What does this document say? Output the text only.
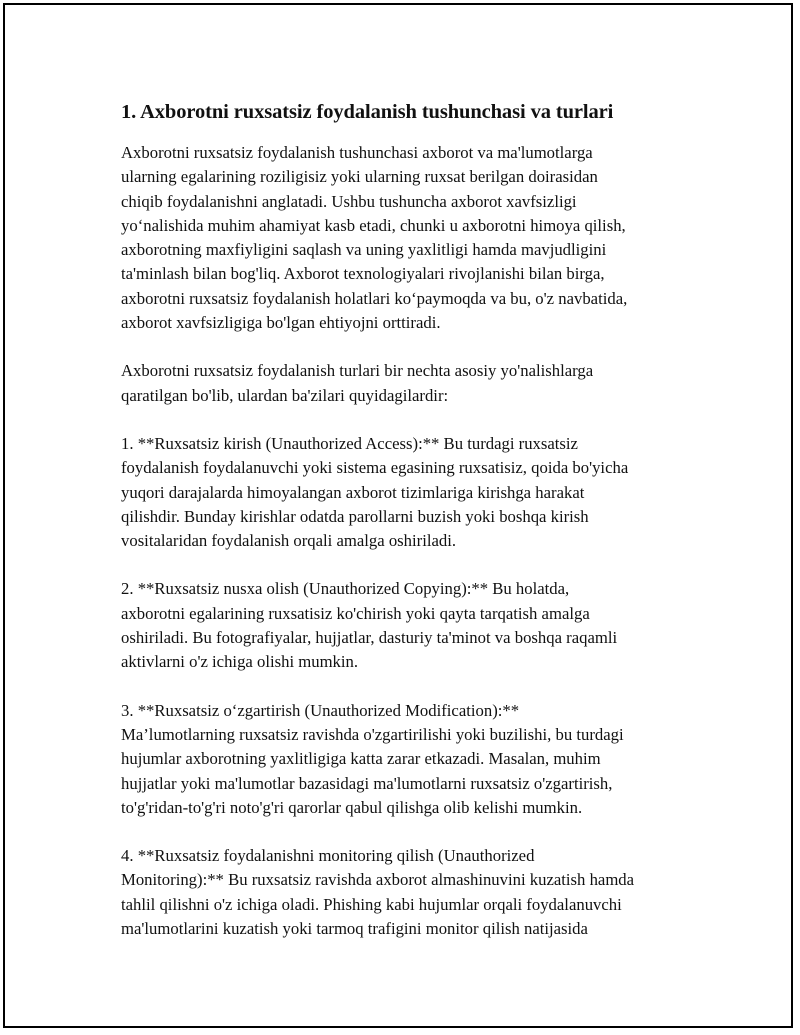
1. Axborotni ruxsatsiz foydalanish tushunchasi va turlari

Axborotni ruxsatsiz foydalanish tushunchasi axborot va ma'lumotlarga
ularning egalarining roziligisiz yoki ularning ruxsat berilgan doirasidan
chiqib foydalanishni anglatadi. Ushbu tushuncha axborot xavfsizligi
yo‘nalishida muhim ahamiyat kasb etadi, chunki u axborotni himoya qilish,
axborotning maxfiyligini saqlash va uning yaxlitligi hamda mavjudligini
ta'minlash bilan bog'liq. Axborot texnologiyalari rivojlanishi bilan birga,
axborotni ruxsatsiz foydalanish holatlari ko‘paymoqda va bu, o'z navbatida,
axborot xavfsizligiga bo'lgan ehtiyojni orttiradi.

Axborotni ruxsatsiz foydalanish turlari bir nechta asosiy yo'nalishlarga
qaratilgan bo'lib, ulardan ba'zilari quyidagilardir:

1. **Ruxsatsiz kirish (Unauthorized Access):** Bu turdagi ruxsatsiz
foydalanish foydalanuvchi yoki sistema egasining ruxsatisiz, qoida bo'yicha
yuqori darajalarda himoyalangan axborot tizimlariga kirishga harakat
qilishdir. Bunday kirishlar odatda parollarni buzish yoki boshqa kirish
vositalaridan foydalanish orqali amalga oshiriladi.

2. **Ruxsatsiz nusxa olish (Unauthorized Copying):** Bu holatda,
axborotni egalarining ruxsatisiz ko'chirish yoki qayta tarqatish amalga
oshiriladi. Bu fotografiyalar, hujjatlar, dasturiy ta'minot va boshqa raqamli
aktivlarni o'z ichiga olishi mumkin.

3. **Ruxsatsiz o‘zgartirish (Unauthorized Modification):**
Ma’lumotlarning ruxsatsiz ravishda o'zgartirilishi yoki buzilishi, bu turdagi
hujumlar axborotning yaxlitligiga katta zarar etkazadi. Masalan, muhim
hujjatlar yoki ma'lumotlar bazasidagi ma'lumotlarni ruxsatsiz o'zgartirish,
to'g'ridan-to'g'ri noto'g'ri qarorlar qabul qilishga olib kelishi mumkin.

4. **Ruxsatsiz foydalanishni monitoring qilish (Unauthorized
Monitoring):** Bu ruxsatsiz ravishda axborot almashinuvini kuzatish hamda
tahlil qilishni o'z ichiga oladi. Phishing kabi hujumlar orqali foydalanuvchi
ma'lumotlarini kuzatish yoki tarmoq trafigini monitor qilish natijasida
